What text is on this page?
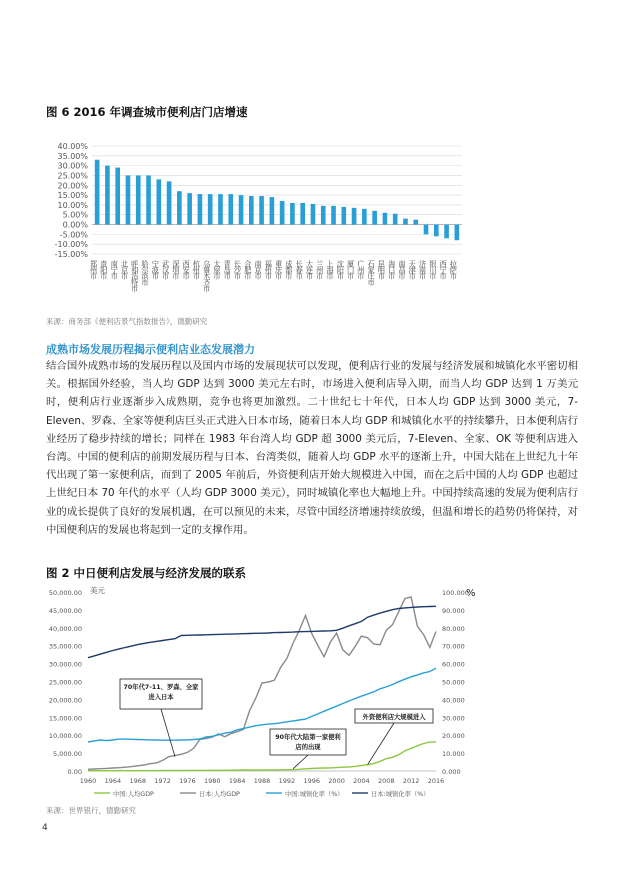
图 6 2016 年调查城市便利店门店增速
40.00%
35.00%
30.00%
25.00%
20.00%
15.00%
10.00%
5.00%
0.00%
-5.00%
-10.00%
-15.00%
郑州市 贵阳市 南宁市 北京市 呼和浩特市 哈尔滨市 宁波市 武汉市 深圳市 西安市 杭州市 乌鲁木齐市 太原市 青岛市 长沙市 合肥市 南京市 福州市 重庆市 成都市 长春市 大连市 兰州市 上海市 沈阳市 厦门市 广州市 石家庄市 昆明市 海口市 南昌市 天津市 济南市 银川市 西宁市 拉萨市
来源：商务部《便利店景气指数报告》，德勤研究
成熟市场发展历程揭示便利店业态发展潜力
结合国外成熟市场的发展历程以及国内市场的发展现状可以发现，便利店行业的发展与经济发展和城镇化水平密切相关。根据国外经验，当人均 GDP 达到 3000 美元左右时，市场进入便利店导入期，而当人均 GDP 达到 1 万美元时，便利店行业逐渐步入成熟期，竞争也将更加激烈。二十世纪七十年代，日本人均 GDP 达到 3000 美元，7-Eleven、罗森、全家等便利店巨头正式进入日本市场，随着日本人均 GDP 和城镇化水平的持续攀升，日本便利店行业经历了稳步持续的增长；同样在 1983 年台湾人均 GDP 超 3000 美元后，7-Eleven、全家、OK 等便利店进入台湾。中国的便利店的前期发展历程与日本、台湾类似，随着人均 GDP 水平的逐渐上升，中国大陆在上世纪九十年代出现了第一家便利店，而到了 2005 年前后，外资便利店开始大规模进入中国，而在之后中国的人均 GDP 也超过上世纪日本 70 年代的水平（人均 GDP 3000 美元），同时城镇化率也大幅地上升。中国持续高速的发展为便利店行业的成长提供了良好的发展机遇，在可以预见的未来，尽管中国经济增速持续放缓，但温和增长的趋势仍将保持，对中国便利店的发展也将起到一定的支撑作用。
图 2 中日便利店发展与经济发展的联系
美元	%
50,000.00
45,000.00
40,000.00
35,000.00
30,000.00
25,000.00
20,000.00
15,000.00
10,000.00
5,000.00
0.00
100.000
90.000
80.000
70.000
60.000
50.000
40.000
30.000
20.000
10.000
0.000
1960 1964 1968 1972 1976 1980 1984 1988 1992 1996 2000 2004 2008 2012 2016
中国:人均GDP	日本:人均GDP	中国:城镇化率（%）	日本:城镇化率（%）
70年代7-11、罗森、全家
进入日本
90年代大陆第一家便利
店的出现
外资便利店大规模进入
来源：世界银行，德勤研究
4
